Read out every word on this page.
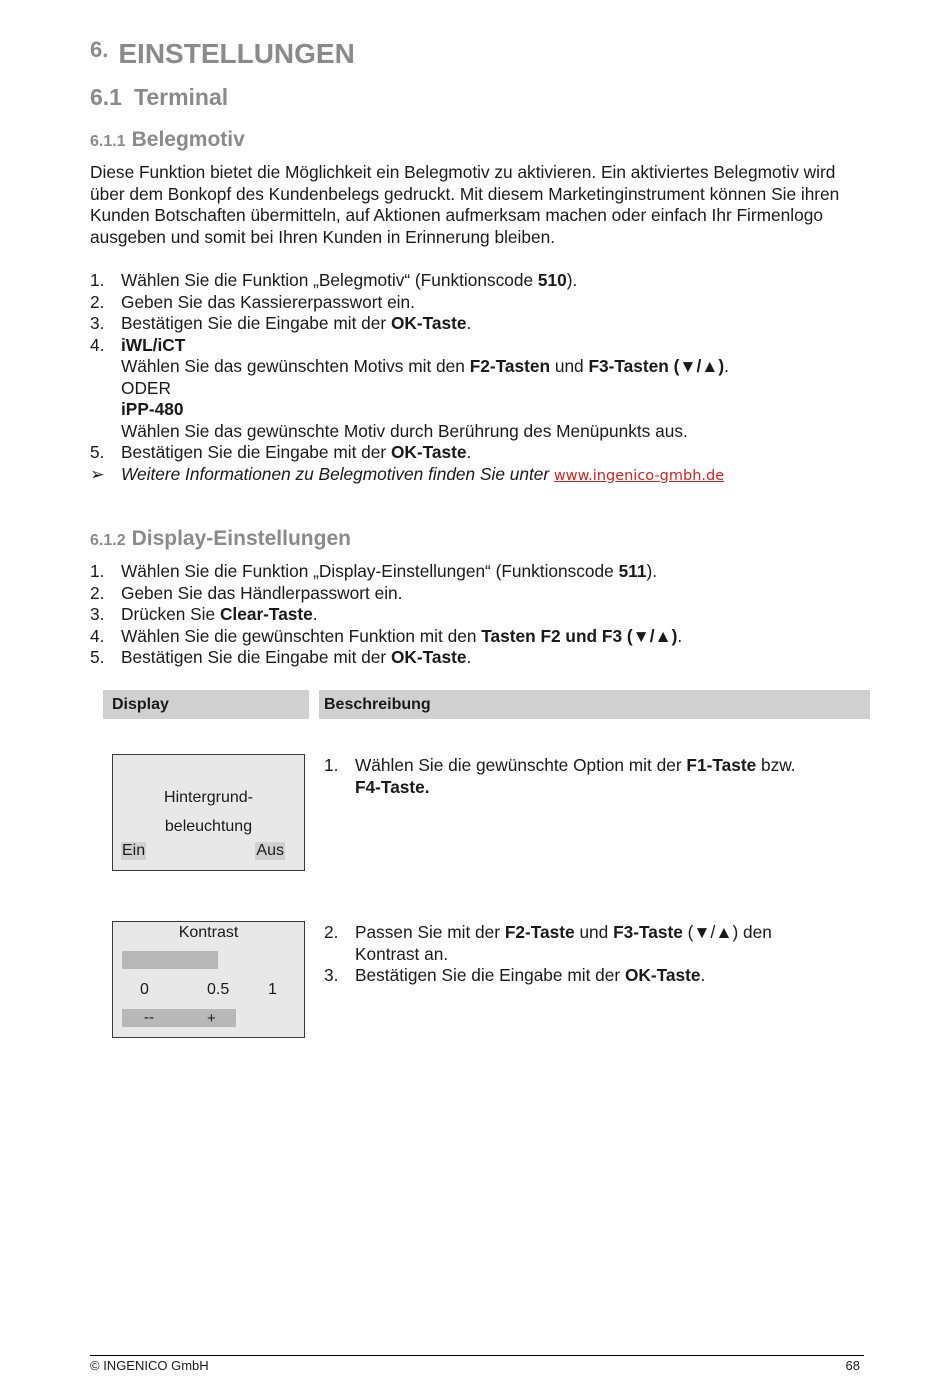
6. EINSTELLUNGEN
6.1 Terminal
6.1.1 Belegmotiv
Diese Funktion bietet die Möglichkeit ein Belegmotiv zu aktivieren. Ein aktiviertes Belegmotiv wird über dem Bonkopf des Kundenbelegs gedruckt. Mit diesem Marketinginstrument können Sie ihren Kunden Botschaften übermitteln, auf Aktionen aufmerksam machen oder einfach Ihr Firmenlogo ausgeben und somit bei Ihren Kunden in Erinnerung bleiben.
1. Wählen Sie die Funktion „Belegmotiv“ (Funktionscode 510).
2. Geben Sie das Kassiererpasswort ein.
3. Bestätigen Sie die Eingabe mit der OK-Taste.
4. iWL/iCT
Wählen Sie das gewünschten Motivs mit den F2-Tasten und F3-Tasten (▼/▲).
ODER
iPP-480
Wählen Sie das gewünschte Motiv durch Berührung des Menüpunkts aus.
5. Bestätigen Sie die Eingabe mit der OK-Taste.
➢ Weitere Informationen zu Belegmotiven finden Sie unter www.ingenico-gmbh.de
6.1.2 Display-Einstellungen
1. Wählen Sie die Funktion „Display-Einstellungen“ (Funktionscode 511).
2. Geben Sie das Händlerpasswort ein.
3. Drücken Sie Clear-Taste.
4. Wählen Sie die gewünschten Funktion mit den Tasten F2 und F3 (▼/▲).
5. Bestätigen Sie die Eingabe mit der OK-Taste.
Display	Beschreibung
Hintergrund-
beleuchtung
Ein	Aus
1. Wählen Sie die gewünschte Option mit der F1-Taste bzw.
F4-Taste.
Kontrast
0	0.5 1
--	+
2. Passen Sie mit der F2-Taste und F3-Taste (▼/▲) den
Kontrast an.
3. Bestätigen Sie die Eingabe mit der OK-Taste.
© INGENICO GmbH	68
